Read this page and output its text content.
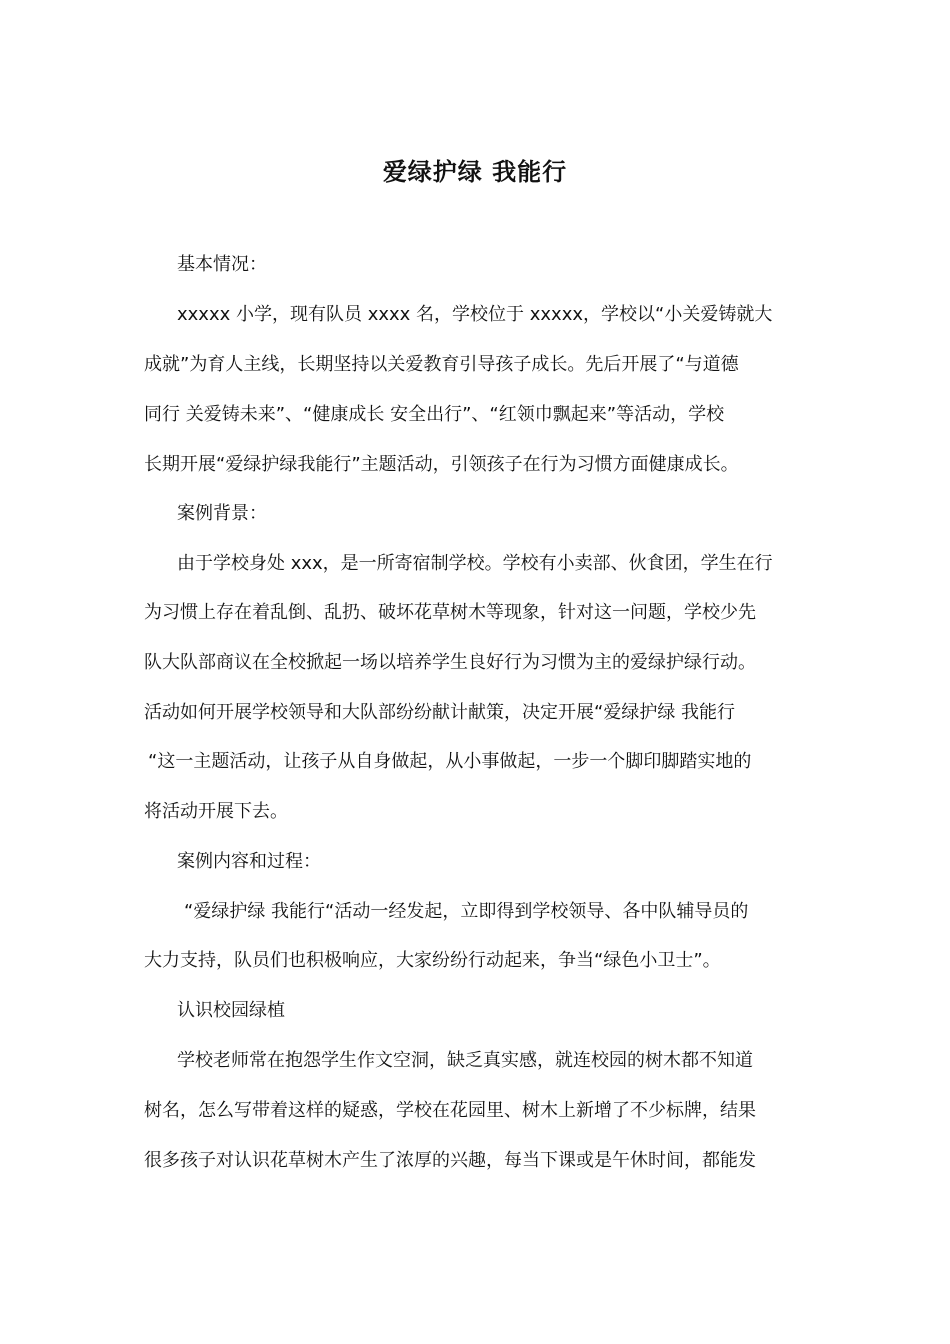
爱绿护绿 我能行
基本情况：
xxxxx 小学，现有队员 xxxx 名，学校位于 xxxxx，学校以“小关爱铸就大
成就”为育人主线，长期坚持以关爱教育引导孩子成长。先后开展了“与道德
同行 关爱铸未来”、“健康成长 安全出行”、“红领巾飘起来”等活动，学校
长期开展“爱绿护绿我能行”主题活动，引领孩子在行为习惯方面健康成长。
案例背景：
由于学校身处 xxx，是一所寄宿制学校。学校有小卖部、伙食团，学生在行
为习惯上存在着乱倒、乱扔、破坏花草树木等现象，针对这一问题，学校少先
队大队部商议在全校掀起一场以培养学生良好行为习惯为主的爱绿护绿行动。
活动如何开展学校领导和大队部纷纷献计献策，决定开展“爱绿护绿 我能行
“这一主题活动，让孩子从自身做起，从小事做起，一步一个脚印脚踏实地的
将活动开展下去。
案例内容和过程：
“爱绿护绿 我能行“活动一经发起，立即得到学校领导、各中队辅导员的
大力支持，队员们也积极响应，大家纷纷行动起来，争当“绿色小卫士”。
认识校园绿植
学校老师常在抱怨学生作文空洞，缺乏真实感，就连校园的树木都不知道
树名，怎么写带着这样的疑惑，学校在花园里、树木上新增了不少标牌，结果
很多孩子对认识花草树木产生了浓厚的兴趣，每当下课或是午休时间，都能发
